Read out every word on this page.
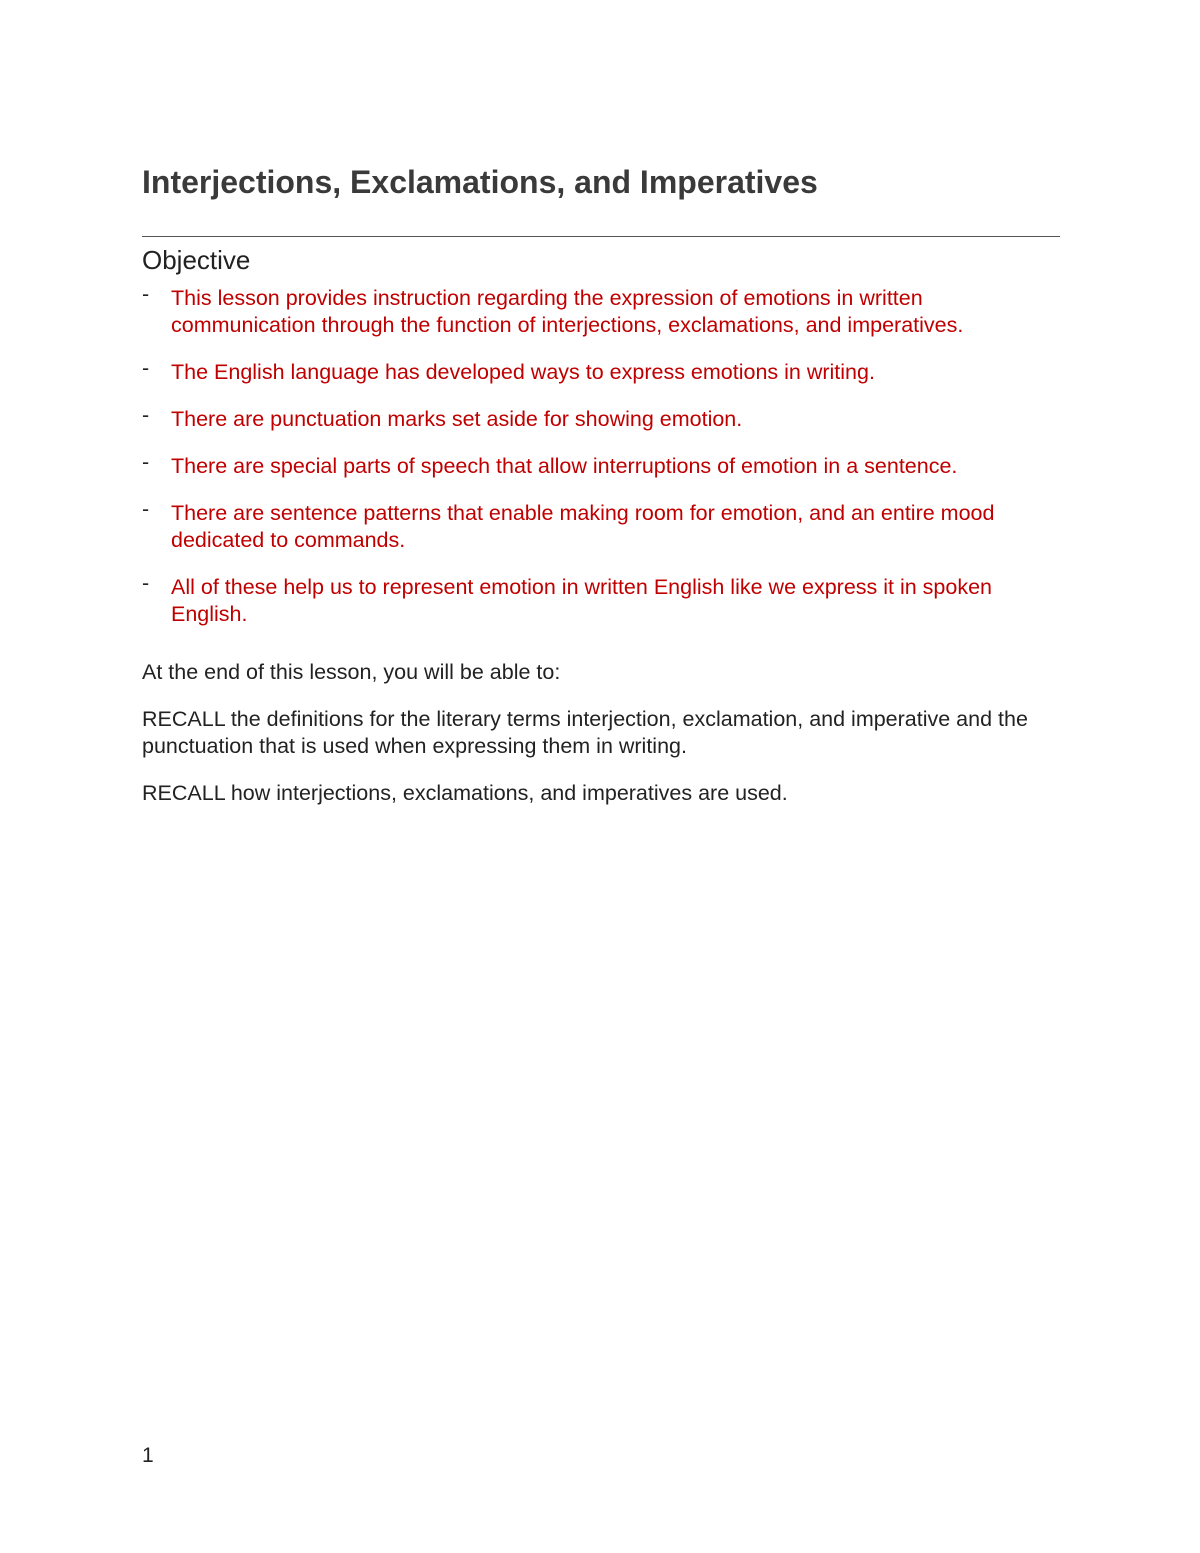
Interjections, Exclamations, and Imperatives
Objective
- This lesson provides instruction regarding the expression of emotions in written communication through the function of interjections, exclamations, and imperatives.
- The English language has developed ways to express emotions in writing.
- There are punctuation marks set aside for showing emotion.
- There are special parts of speech that allow interruptions of emotion in a sentence.
- There are sentence patterns that enable making room for emotion, and an entire mood dedicated to commands.
- All of these help us to represent emotion in written English like we express it in spoken English.

At the end of this lesson, you will be able to:

RECALL the definitions for the literary terms interjection, exclamation, and imperative and the punctuation that is used when expressing them in writing.

RECALL how interjections, exclamations, and imperatives are used.

1
